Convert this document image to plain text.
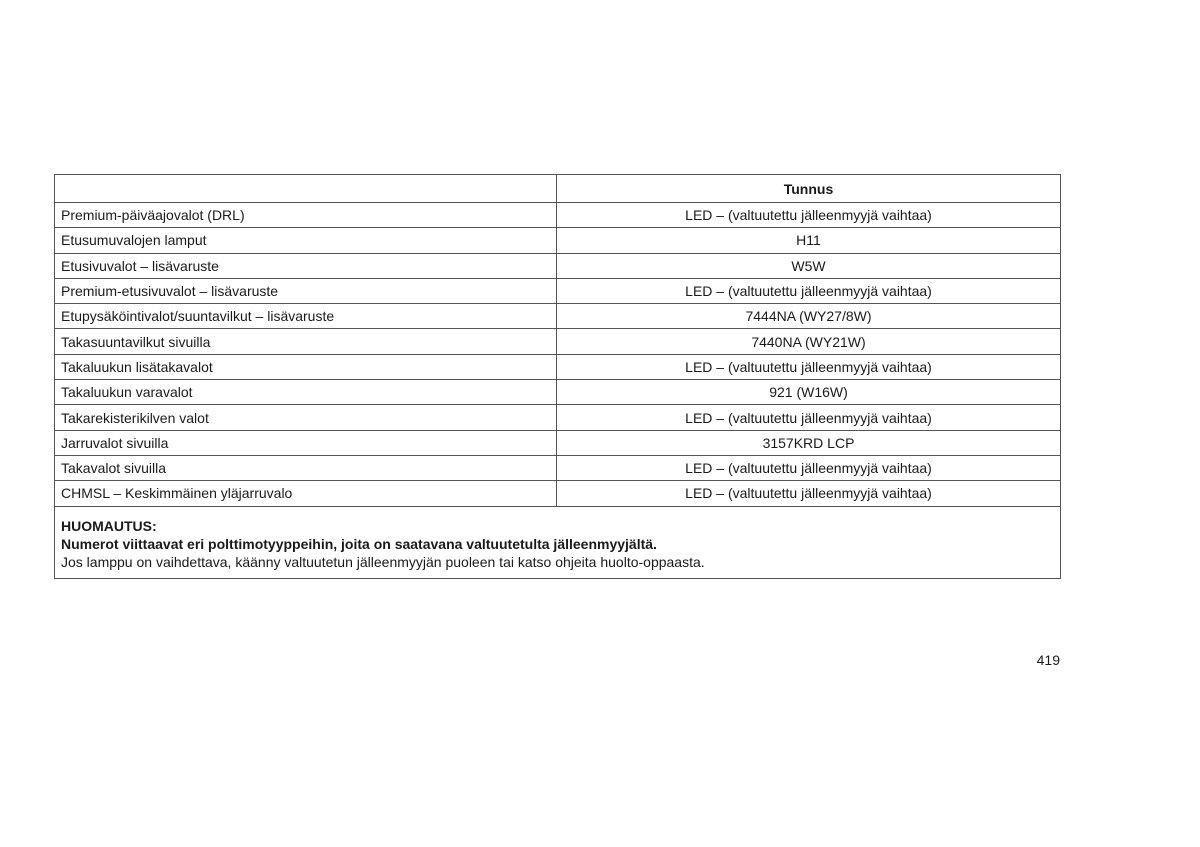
	Tunnus
Premium-päiväajovalot (DRL)	LED – (valtuutettu jälleenmyyjä vaihtaa)
Etusumuvalojen lamput	H11
Etusivuvalot – lisävaruste	W5W
Premium-etusivuvalot – lisävaruste	LED – (valtuutettu jälleenmyyjä vaihtaa)
Etupysäköintivalot/suuntavilkut – lisävaruste	7444NA (WY27/8W)
Takasuuntavilkut sivuilla	7440NA (WY21W)
Takaluukun lisätakavalot	LED – (valtuutettu jälleenmyyjä vaihtaa)
Takaluukun varavalot	921 (W16W)
Takarekisterikilven valot	LED – (valtuutettu jälleenmyyjä vaihtaa)
Jarruvalot sivuilla	3157KRD LCP
Takavalot sivuilla	LED – (valtuutettu jälleenmyyjä vaihtaa)
CHMSL – Keskimmäinen yläjarruvalo	LED – (valtuutettu jälleenmyyjä vaihtaa)

HUOMAUTUS:
Numerot viittaavat eri polttimotyyppeihin, joita on saatavana valtuutetulta jälleenmyyjältä.
Jos lamppu on vaihdettava, käänny valtuutetun jälleenmyyjän puoleen tai katso ohjeita huolto-oppaasta.	
419
